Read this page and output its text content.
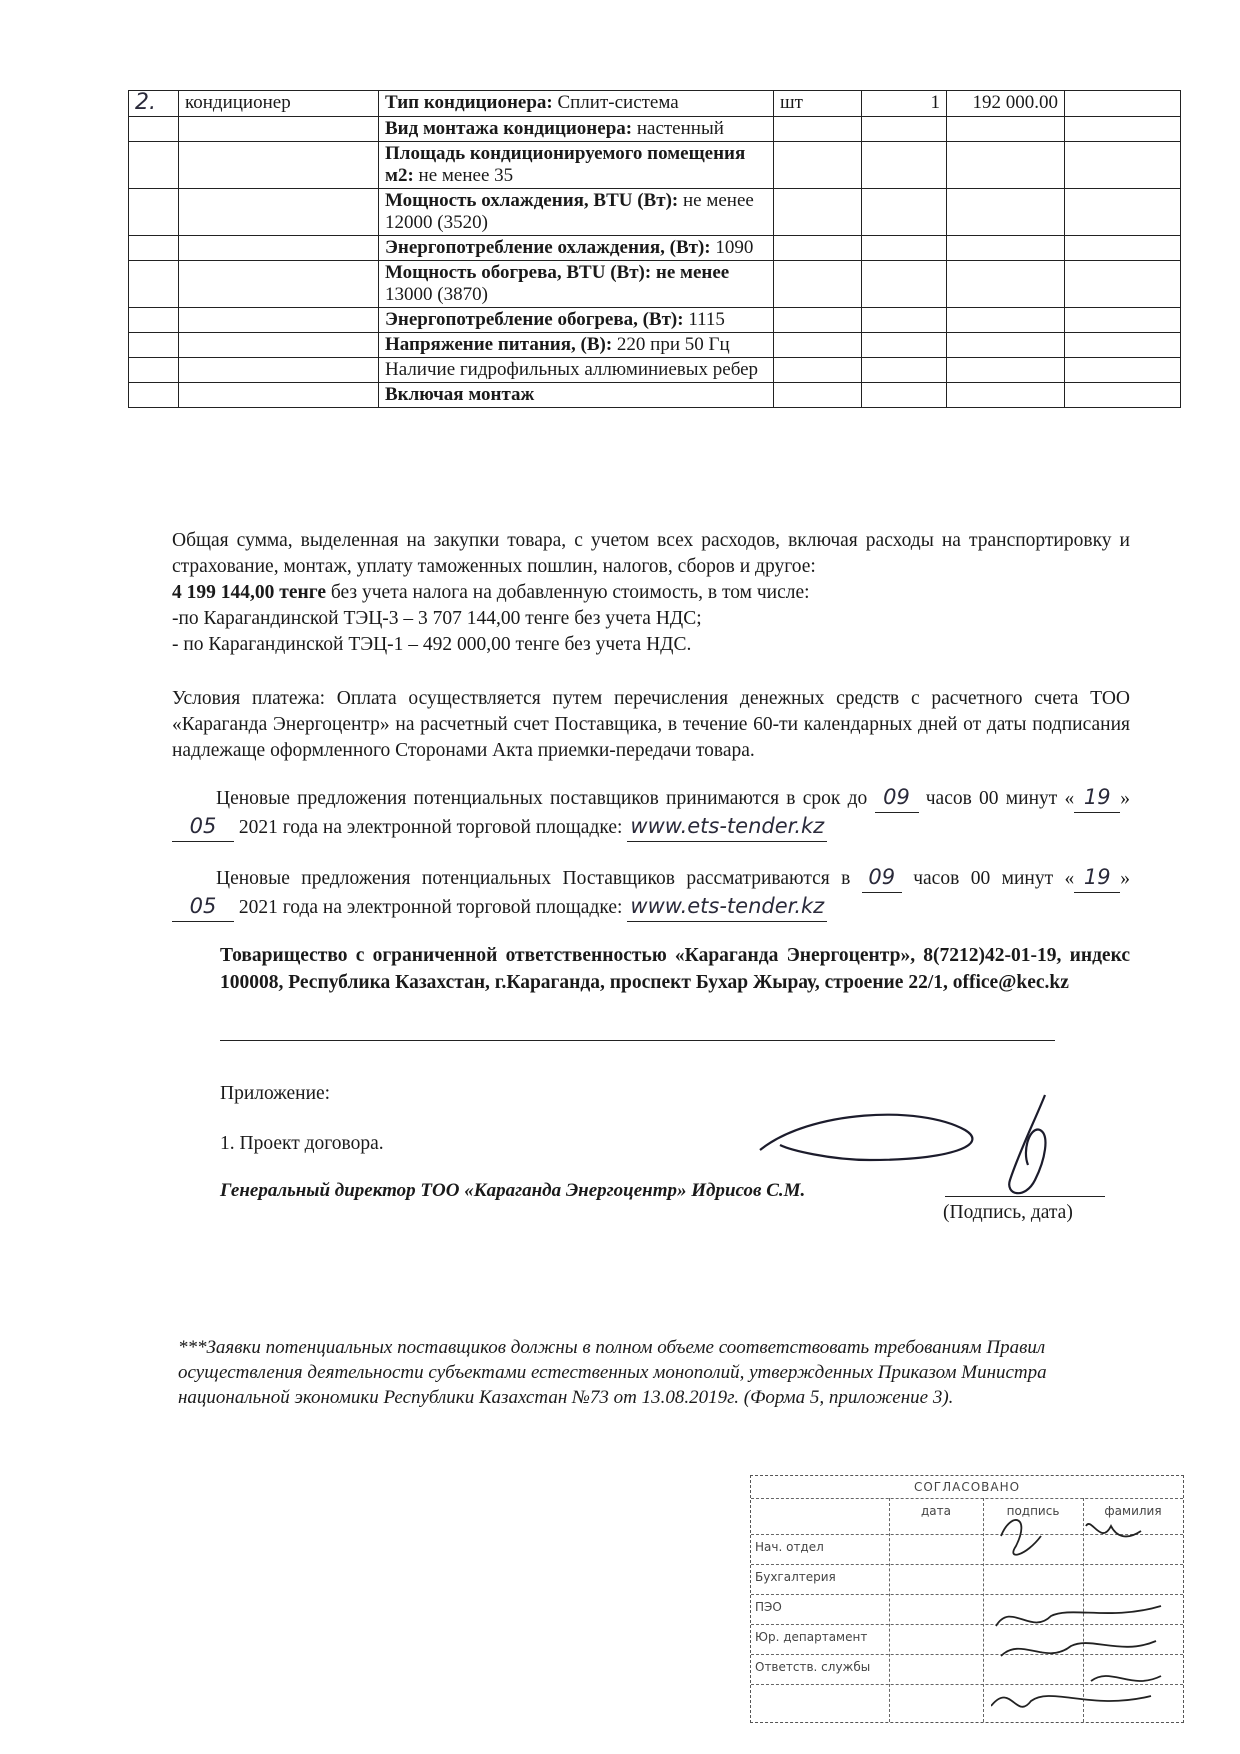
2.	кондиционер	Тип кондиционера: Сплит-система	шт	1	192 000.00	
		Вид монтажа кондиционера: настенный				
		Площадь кондиционируемого помещения м2: не менее 35				
		Мощность охлаждения, BTU (Вт): не менее 12000 (3520)				
		Энергопотребление охлаждения, (Вт): 1090				
		Мощность обогрева, BTU (Вт): не менее 13000 (3870)				
		Энергопотребление обогрева, (Вт): 1115				
		Напряжение питания, (В): 220 при 50 Гц				
		Наличие гидрофильных аллюминиевых ребер				
		Включая монтаж				

Общая сумма, выделенная на закупки товара, с учетом всех расходов, включая расходы на транспортировку и страхование, монтаж, уплату таможенных пошлин, налогов, сборов и другое:

4 199 144,00 тенге без учета налога на добавленную стоимость, в том числе:

-по Карагандинской ТЭЦ-3 – 3 707 144,00 тенге без учета НДС;

- по Карагандинской ТЭЦ-1 – 492 000,00 тенге без учета НДС.

Условия платежа: Оплата осуществляется путем перечисления денежных средств с расчетного счета ТОО «Караганда Энергоцентр» на расчетный счет Поставщика, в течение 60-ти календарных дней от даты подписания надлежаще оформленного Сторонами Акта приемки-передачи товара.

Ценовые предложения потенциальных поставщиков принимаются в срок до 09 часов 00 минут « 19 » 05 2021 года на электронной торговой площадке: www.ets-tender.kz

Ценовые предложения потенциальных Поставщиков рассматриваются в 09 часов 00 минут « 19 » 05 2021 года на электронной торговой площадке: www.ets-tender.kz

Товарищество с ограниченной ответственностью «Караганда Энергоцентр», 8(7212)42-01-19, индекс 100008, Республика Казахстан, г.Караганда, проспект Бухар Жырау, строение 22/1, office@kec.kz
Приложение:
1. Проект договора.
Генеральный директор ТОО «Караганда Энергоцентр» Идрисов С.М.
(Подпись, дата)
***Заявки потенциальных поставщиков должны в полном объеме соответствовать требованиям Правил осуществления деятельности субъектами естественных монополий, утвержденных Приказом Министра национальной экономики Республики Казахстан №73 от 13.08.2019г. (Форма 5, приложение 3).
СОГЛАСОВАНО
дата	подпись	фамилия
Нач. отдел
Бухгалтерия
ПЭО
Юр. департамент
Ответств. службы
